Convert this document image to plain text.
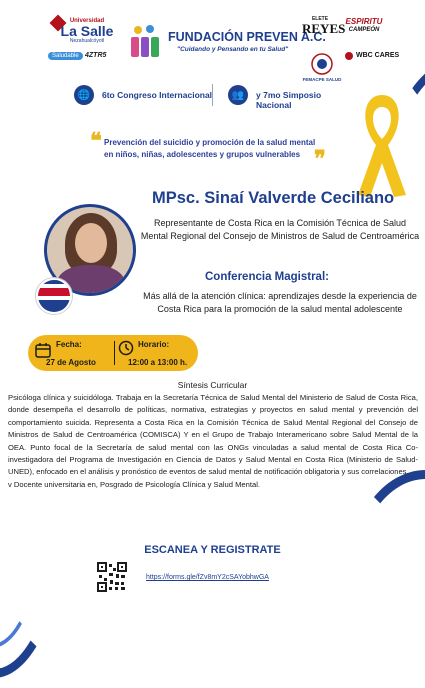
Universidad
La Salle
Nezahualcóyotl
Saludable 4ZTR5
FUNDACIÓN PREVEN A.C.
"Cuidando y Pensando en tu Salud"
ELETE
REYES ESPIRITU
CAMPEÓN
FEMACPE SALUD
WBC CARES
🌐	6to Congreso Internacional	👥	y 7mo Simposio Nacional
❝ Prevención del suicidio y promoción de la salud mental en niños, niñas, adolescentes y grupos vulnerables ❞
MPsc. Sinaí Valverde Ceciliano
Representante de Costa Rica en la Comisión Técnica de Salud Mental Regional del Consejo de Ministros de Salud de Centroamérica
Conferencia Magistral:
Más allá de la atención clínica: aprendizajes desde la experiencia de Costa Rica para la promoción de la salud mental adolescente
Fecha:
27 de Agosto
Horario:
12:00 a 13:00 h.
Síntesis Curricular

Psicóloga clínica y suicidóloga. Trabaja en la Secretaría Técnica de Salud Mental del Ministerio de Salud de Costa Rica, donde desempeña el desarrollo de políticas, normativa, estrategias y proyectos en salud mental y prevención del comportamiento suicida. Representa a Costa Rica en la Comisión Técnica de Salud Mental Regional del Consejo de Ministros de Salud de Centroamérica (COMISCA) Y en el Grupo de Trabajo Interamericano sobre Salud Mental de la OEA. Punto focal de la Secretaría de salud mental con las ONGs vinculadas a salud mental de Costa Rica Co-investigadora del Programa de Investigación en Ciencia de Datos y Salud Mental en Costa Rica (Ministerio de Salud-UNED), enfocado en el análisis y pronóstico de eventos de salud mental de notificación obligatoria y sus correlaciones.

v Docente universitaria en, Posgrado de Psicología Clínica y Salud Mental.

ESCANEA Y REGISTRATE
https://forms.gle/fZv8mY2cSAYobhwGA
